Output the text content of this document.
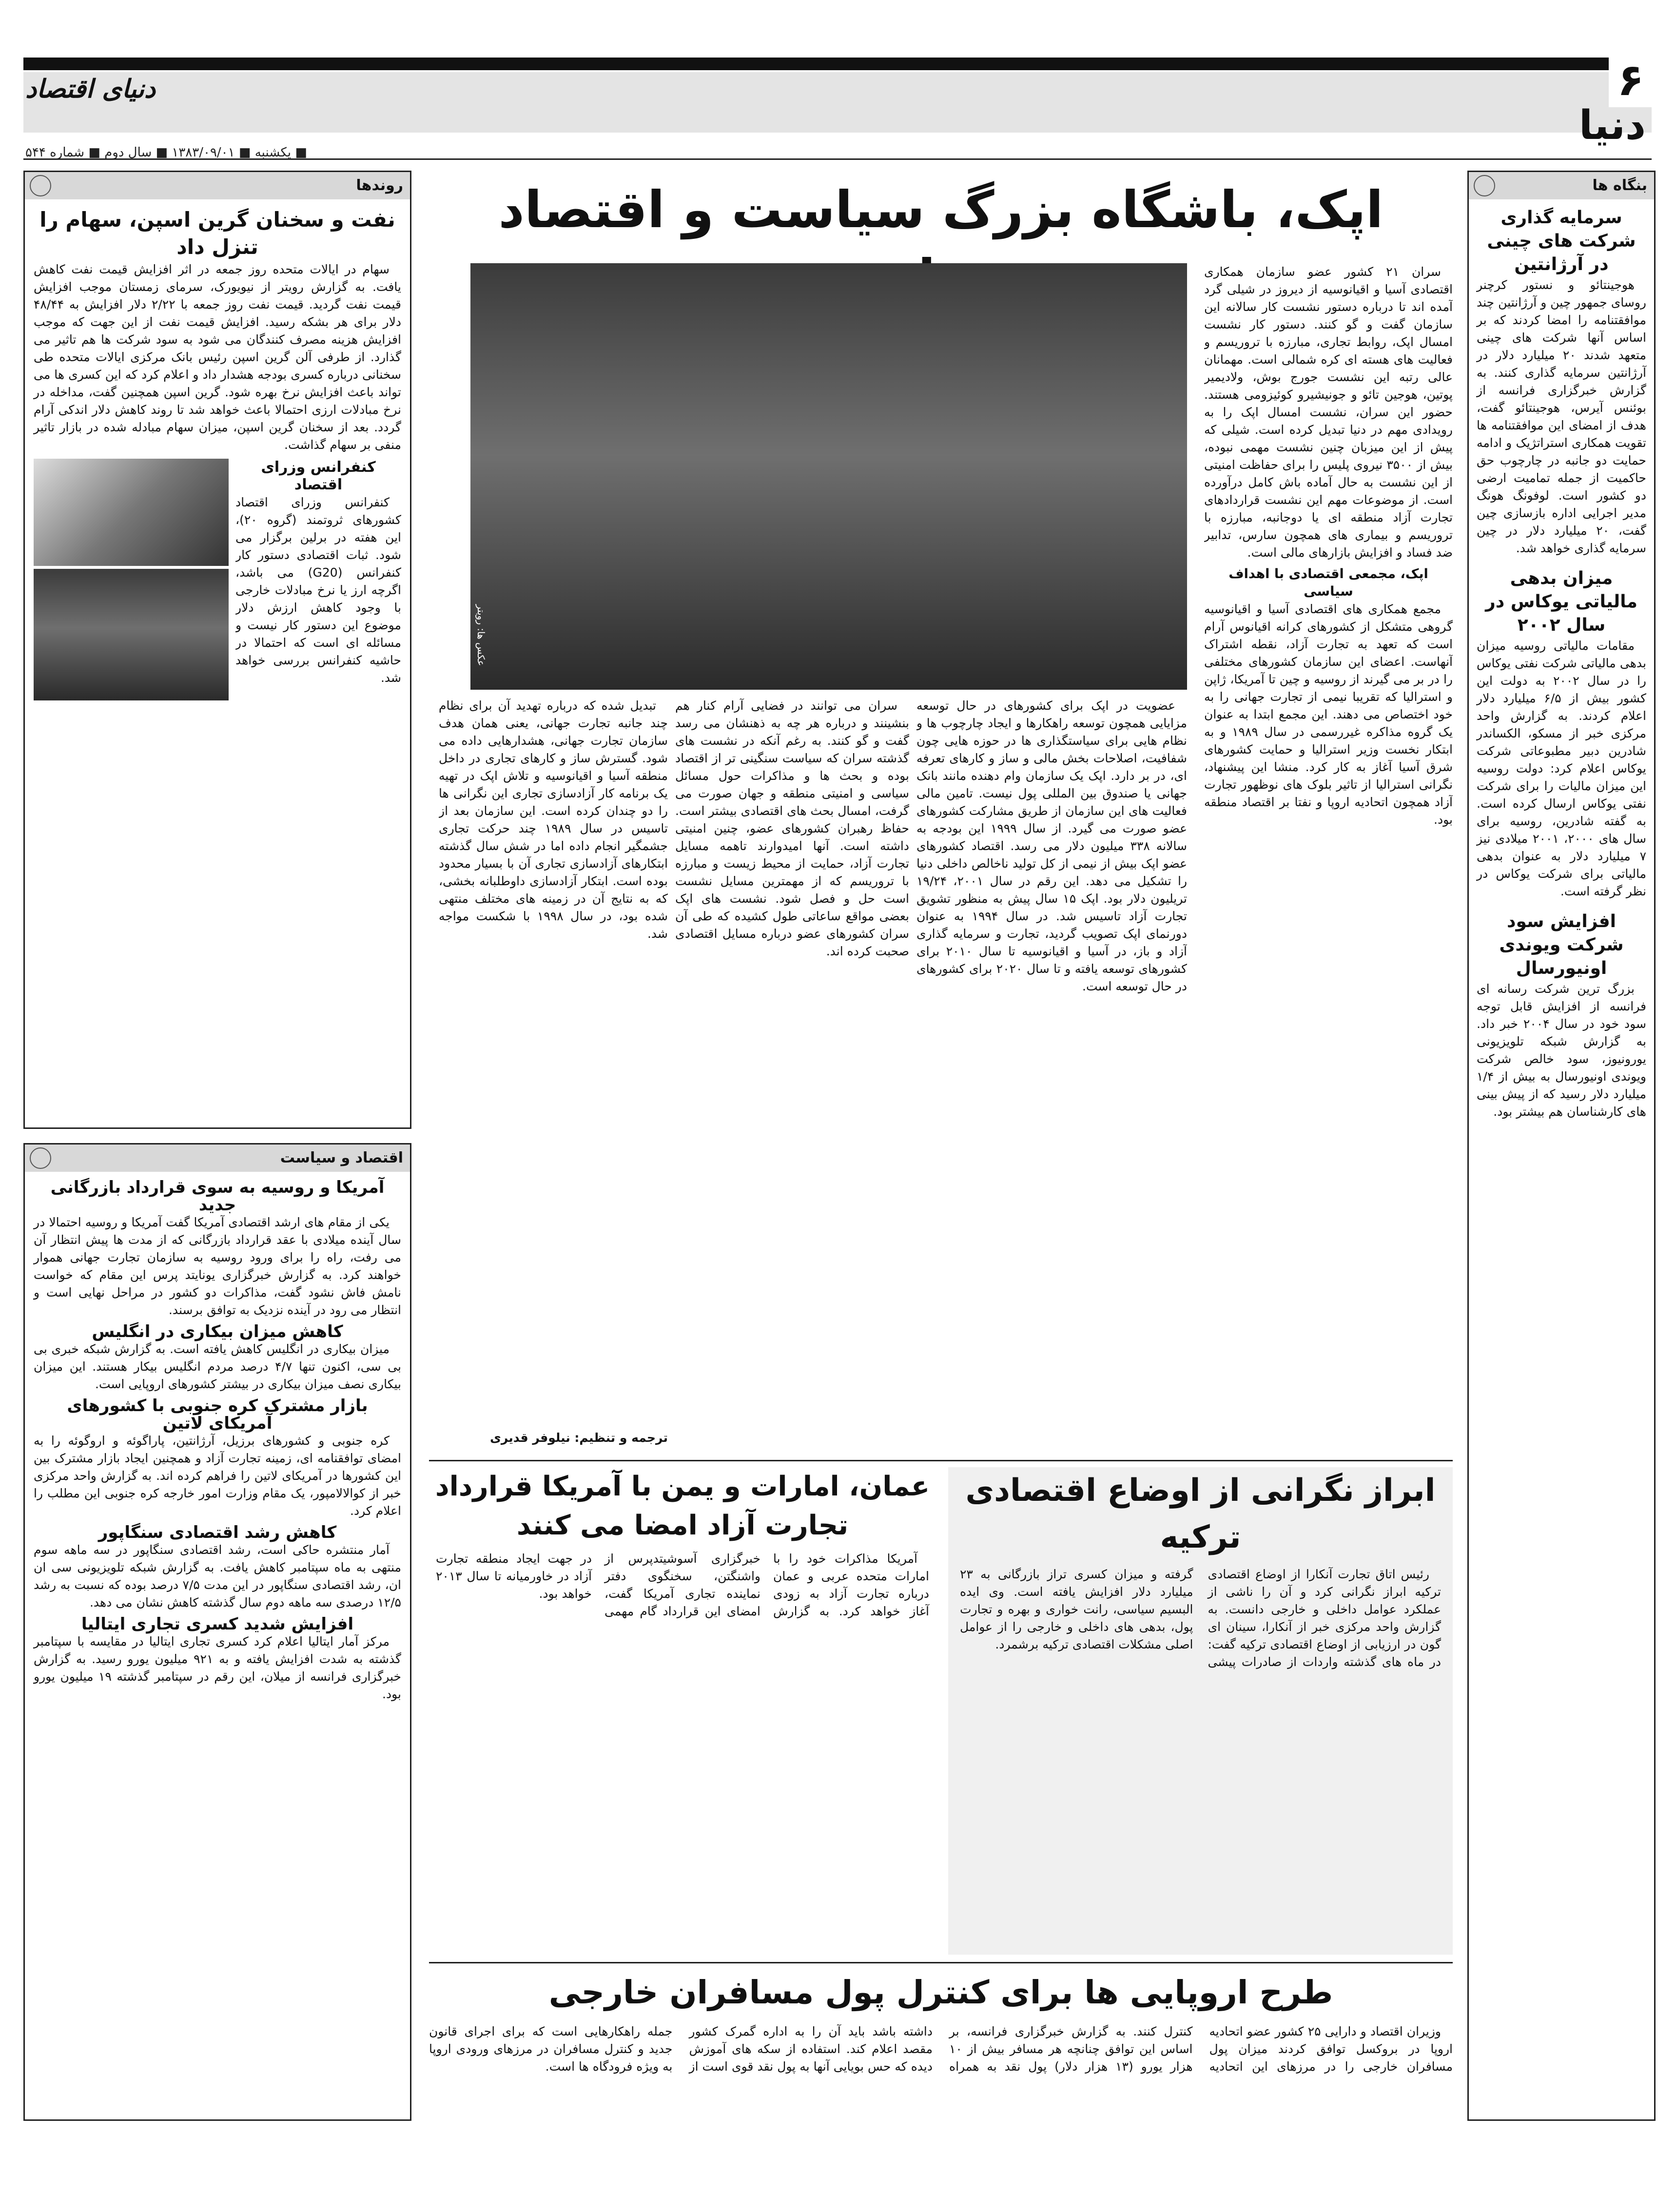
۶
دنیای اقتصاد
دنیا
■ یکشنبه ■ ۱۳۸۳/۰۹/۰۱ ■ سال دوم ■ شماره ۵۴۴
روندها
نفت و سخنان گرین اسپن، سهام را تنزل داد

سهام در ایالات متحده روز جمعه در اثر افزایش قیمت نفت کاهش یافت. به گزارش رویتر از نیویورک، سرمای زمستان موجب افزایش قیمت نفت گردید. قیمت نفت روز جمعه با ۲/۲۲ دلار افزایش به ۴۸/۴۴ دلار برای هر بشکه رسید. افزایش قیمت نفت از این جهت که موجب افزایش هزینه مصرف کنندگان می شود به سود شرکت ها هم تاثیر می گذارد. از طرفی آلن گرین اسپن رئیس بانک مرکزی ایالات متحده طی سخنانی درباره کسری بودجه هشدار داد و اعلام کرد که این کسری ها می تواند باعث افزایش نرخ بهره شود. گرین اسپن همچنین گفت، مداخله در نرخ مبادلات ارزی احتمالا باعث خواهد شد تا روند کاهش دلار اندکی آرام گردد. بعد از سخنان گرین اسپن، میزان سهام مبادله شده در بازار تاثیر منفی بر سهام گذاشت.

کنفرانس وزرای اقتصاد

کنفرانس وزرای اقتصاد کشورهای ثروتمند (گروه ۲۰)، این هفته در برلین برگزار می شود. ثبات اقتصادی دستور کار کنفرانس (G20) می باشد، اگرچه ارز یا نرخ مبادلات خارجی با وجود کاهش ارزش دلار موضوع این دستور کار نیست و مسائله ای است که احتمالا در حاشیه کنفرانس بررسی خواهد شد.

اقتصاد و سیاست
آمریکا و روسیه به سوی قرارداد بازرگانی جدید

یکی از مقام های ارشد اقتصادی آمریکا گفت آمریکا و روسیه احتمالا در سال آینده میلادی با عقد قرارداد بازرگانی که از مدت ها پیش انتظار آن می رفت، راه را برای ورود روسیه به سازمان تجارت جهانی هموار خواهند کرد. به گزارش خبرگزاری یونایتد پرس این مقام که خواست نامش فاش نشود گفت، مذاکرات دو کشور در مراحل نهایی است و انتظار می رود در آینده نزدیک به توافق برسند.

کاهش میزان بیکاری در انگلیس

میزان بیکاری در انگلیس کاهش یافته است. به گزارش شبکه خبری بی بی سی، اکنون تنها ۴/۷ درصد مردم انگلیس بیکار هستند. این میزان بیکاری نصف میزان بیکاری در بیشتر کشورهای اروپایی است.

بازار مشترک کره جنوبی با کشورهای آمریکای لاتین

کره جنوبی و کشورهای برزیل، آرژانتین، پاراگوئه و اروگوئه را به امضای توافقنامه ای، زمینه تجارت آزاد و همچنین ایجاد بازار مشترک بین این کشورها در آمریکای لاتین را فراهم کرده اند. به گزارش واحد مرکزی خبر از کوالالامپور، یک مقام وزارت امور خارجه کره جنوبی این مطلب را اعلام کرد.

کاهش رشد اقتصادی سنگاپور

آمار منتشره حاکی است، رشد اقتصادی سنگاپور در سه ماهه سوم منتهی به ماه سپتامبر کاهش یافت. به گزارش شبکه تلویزیونی سی ان ان، رشد اقتصادی سنگاپور در این مدت ۷/۵ درصد بوده که نسبت به رشد ۱۲/۵ درصدی سه ماهه دوم سال گذشته کاهش نشان می دهد.

افزایش شدید کسری تجاری ایتالیا

مرکز آمار ایتالیا اعلام کرد کسری تجاری ایتالیا در مقایسه با سپتامبر گذشته به شدت افزایش یافته و به ۹۲۱ میلیون یورو رسید. به گزارش خبرگزاری فرانسه از میلان، این رقم در سپتامبر گذشته ۱۹ میلیون یورو بود.

بنگاه ها
سرمایه گذاری شرکت های چینی در آرژانتین

هوجینتائو و نستور کرچنر روسای جمهور چین و آرژانتین چند موافقتنامه را امضا کردند که بر اساس آنها شرکت های چینی متعهد شدند ۲۰ میلیارد دلار در آرژانتین سرمایه گذاری کنند. به گزارش خبرگزاری فرانسه از بوئنس آیرس، هوجینتائو گفت، هدف از امضای این موافقتنامه ها تقویت همکاری استراتژیک و ادامه حمایت دو جانبه در چارچوب حق حاکمیت از جمله تمامیت ارضی دو کشور است. لوفونگ هونگ مدیر اجرایی اداره بازسازی چین گفت، ۲۰ میلیارد دلار در چین سرمایه گذاری خواهد شد.

میزان بدهی مالیاتی یوکاس در سال ۲۰۰۲

مقامات مالیاتی روسیه میزان بدهی مالیاتی شرکت نفتی یوکاس را در سال ۲۰۰۲ به دولت این کشور بیش از ۶/۵ میلیارد دلار اعلام کردند. به گزارش واحد مرکزی خبر از مسکو، الکساندر شادرین دبیر مطبوعاتی شرکت یوکاس اعلام کرد: دولت روسیه این میزان مالیات را برای شرکت نفتی یوکاس ارسال کرده است. به گفته شادرین، روسیه برای سال های ۲۰۰۰، ۲۰۰۱ میلادی نیز ۷ میلیارد دلار به عنوان بدهی مالیاتی برای شرکت یوکاس در نظر گرفته است.

افزایش سود شرکت ویوندی اونیورسال

بزرگ ترین شرکت رسانه ای فرانسه از افزایش قابل توجه سود خود در سال ۲۰۰۴ خبر داد. به گزارش شبکه تلویزیونی یورونیوز، سود خالص شرکت ویوندی اونیورسال به بیش از ۱/۴ میلیارد دلار رسید که از پیش بینی های کارشناسان هم بیشتر بود.

اپک، باشگاه بزرگ سیاست و اقتصاد
عکس ها: رویتر

سران ۲۱ کشور عضو سازمان همکاری اقتصادی آسیا و اقیانوسیه از دیروز در شیلی گرد آمده اند تا درباره دستور نشست کار سالانه این سازمان گفت و گو کنند. دستور کار نشست امسال اپک، روابط تجاری، مبارزه با تروریسم و فعالیت های هسته ای کره شمالی است. مهمانان عالی رتبه این نشست جورج بوش، ولادیمیر پوتین، هوجین تائو و جونیشیرو کوئیزومی هستند. حضور این سران، نشست امسال اپک را به رویدادی مهم در دنیا تبدیل کرده است. شیلی که پیش از این میزبان چنین نشست مهمی نبوده، بیش از ۳۵۰۰ نیروی پلیس را برای حفاظت امنیتی از این نشست به حال آماده باش کامل درآورده است. از موضوعات مهم این نشست قراردادهای تجارت آزاد منطقه ای یا دوجانبه، مبارزه با تروریسم و بیماری های همچون سارس، تدابیر ضد فساد و افزایش بازارهای مالی است.

اپک، مجمعی اقتصادی با اهداف سیاسی

مجمع همکاری های اقتصادی آسیا و اقیانوسیه گروهی متشکل از کشورهای کرانه اقیانوس آرام است که تعهد به تجارت آزاد، نقطه اشتراک آنهاست. اعضای این سازمان کشورهای مختلفی را در بر می گیرند از روسیه و چین تا آمریکا، ژاپن و استرالیا که تقریبا نیمی از تجارت جهانی را به خود اختصاص می دهند. این مجمع ابتدا به عنوان یک گروه مذاکره غیررسمی در سال ۱۹۸۹ و به ابتکار نخست وزیر استرالیا و حمایت کشورهای شرق آسیا آغاز به کار کرد. منشا این پیشنهاد، نگرانی استرالیا از تاثیر بلوک های نوظهور تجارت آزاد همچون اتحادیه اروپا و نفتا بر اقتصاد منطقه بود.

عضویت در اپک برای کشورهای در حال توسعه مزایایی همچون توسعه راهکارها و ایجاد چارچوب ها و نظام هایی برای سیاستگذاری ها در حوزه هایی چون شفافیت، اصلاحات بخش مالی و ساز و کارهای تعرفه ای، در بر دارد. اپک یک سازمان وام دهنده مانند بانک جهانی یا صندوق بین المللی پول نیست. تامین مالی فعالیت های این سازمان از طریق مشارکت کشورهای عضو صورت می گیرد. از سال ۱۹۹۹ این بودجه به سالانه ۳۳۸ میلیون دلار می رسد. اقتصاد کشورهای عضو اپک بیش از نیمی از کل تولید ناخالص داخلی دنیا را تشکیل می دهد. این رقم در سال ۲۰۰۱، ۱۹/۲۴ تریلیون دلار بود. اپک ۱۵ سال پیش به منظور تشویق تجارت آزاد تاسیس شد. در سال ۱۹۹۴ به عنوان دورنمای اپک تصویب گردید، تجارت و سرمایه گذاری آزاد و باز، در آسیا و اقیانوسیه تا سال ۲۰۱۰ برای کشورهای توسعه یافته و تا سال ۲۰۲۰ برای کشورهای در حال توسعه است.

سران می توانند در فضایی آرام کنار هم بنشینند و درباره هر چه به ذهنشان می رسد گفت و گو کنند. به رغم آنکه در نشست های گذشته سران که سیاست سنگینی تر از اقتصاد بوده و بحث ها و مذاکرات حول مسائل سیاسی و امنیتی منطقه و جهان صورت می گرفت، امسال بحث های اقتصادی بیشتر است. حفاظ رهبران کشورهای عضو، چنین امنیتی داشته است. آنها امیدوارند تاهمه مسایل تجارت آزاد، حمایت از محیط زیست و مبارزه با تروریسم که از مهمترین مسایل نشست است حل و فصل شود. نشست های اپک بعضی مواقع ساعاتی طول کشیده که طی آن سران کشورهای عضو درباره مسایل اقتصادی صحبت کرده اند.

تبدیل شده که درباره تهدید آن برای نظام چند جانبه تجارت جهانی، یعنی همان هدف سازمان تجارت جهانی، هشدارهایی داده می شود. گسترش ساز و کارهای تجاری در داخل منطقه آسیا و اقیانوسیه و تلاش اپک در تهیه یک برنامه کار آزادسازی تجاری این نگرانی ها را دو چندان کرده است. این سازمان بعد از تاسیس در سال ۱۹۸۹ چند حرکت تجاری جشمگیر انجام داده اما در شش سال گذشته ابتکارهای آزادسازی تجاری آن با بسیار محدود بوده است. ابتکار آزادسازی داوطلبانه بخشی، که به نتایج آن در زمینه های مختلف منتهی شده بود، در سال ۱۹۹۸ با شکست مواجه شد.

ترجمه و تنظیم: نیلوفر قدیری
ابراز نگرانی از اوضاع اقتصادی ترکیه

رئیس اتاق تجارت آنکارا از اوضاع اقتصادی ترکیه ابراز نگرانی کرد و آن را ناشی از عملکرد عوامل داخلی و خارجی دانست. به گزارش واحد مرکزی خبر از آنکارا، سینان ای گون در ارزیابی از اوضاع اقتصادی ترکیه گفت: در ماه های گذشته واردات از صادرات پیشی گرفته و میزان کسری تراز بازرگانی به ۲۳ میلیارد دلار افزایش یافته است. وی ایده البسیم سیاسی، رانت خواری و بهره و تجارت پول، بدهی های داخلی و خارجی را از عوامل اصلی مشکلات اقتصادی ترکیه برشمرد.

عمان، امارات و یمن با آمریکا قرارداد تجارت آزاد امضا می کنند

آمریکا مذاکرات خود را با امارات متحده عربی و عمان درباره تجارت آزاد به زودی آغاز خواهد کرد. به گزارش خبرگزاری آسوشیتدپرس از واشنگتن، سخنگوی دفتر نماینده تجاری آمریکا گفت، امضای این قرارداد گام مهمی در جهت ایجاد منطقه تجارت آزاد در خاورمیانه تا سال ۲۰۱۳ خواهد بود.

طرح اروپایی ها برای کنترل پول مسافران خارجی

وزیران اقتصاد و دارایی ۲۵ کشور عضو اتحادیه اروپا در بروکسل توافق کردند میزان پول مسافران خارجی را در مرزهای این اتحادیه کنترل کنند. به گزارش خبرگزاری فرانسه، بر اساس این توافق چنانچه هر مسافر بیش از ۱۰ هزار یورو (۱۳ هزار دلار) پول نقد به همراه داشته باشد باید آن را به اداره گمرک کشور مقصد اعلام کند. استفاده از سکه های آموزش دیده که حس بویایی آنها به پول نقد قوی است از جمله راهکارهایی است که برای اجرای قانون جدید و کنترل مسافران در مرزهای ورودی اروپا به ویژه فرودگاه ها است.
